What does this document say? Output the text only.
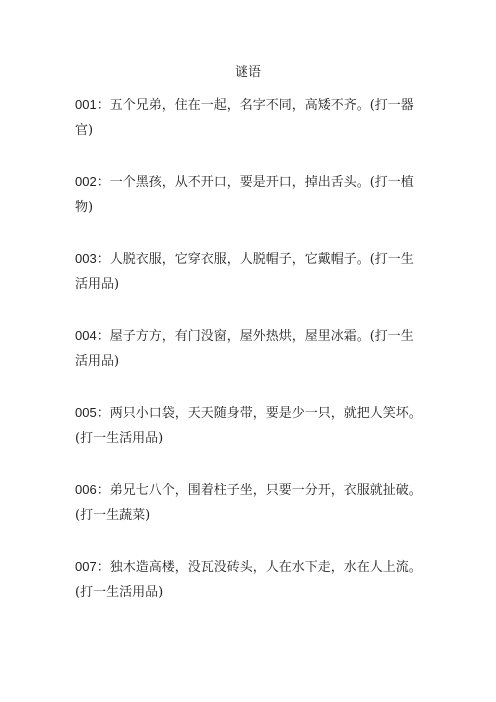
谜语
001：五个兄弟，住在一起，名字不同，高矮不齐。(打一器官)
002：一个黑孩，从不开口，要是开口，掉出舌头。(打一植物)
003：人脱衣服，它穿衣服，人脱帽子，它戴帽子。(打一生活用品)
004：屋子方方，有门没窗，屋外热烘，屋里冰霜。(打一生活用品)
005：两只小口袋，天天随身带，要是少一只，就把人笑坏。(打一生活用品)
006：弟兄七八个，围着柱子坐，只要一分开，衣服就扯破。(打一生蔬菜)
007：独木造高楼，没瓦没砖头，人在水下走，水在人上流。(打一生活用品)
